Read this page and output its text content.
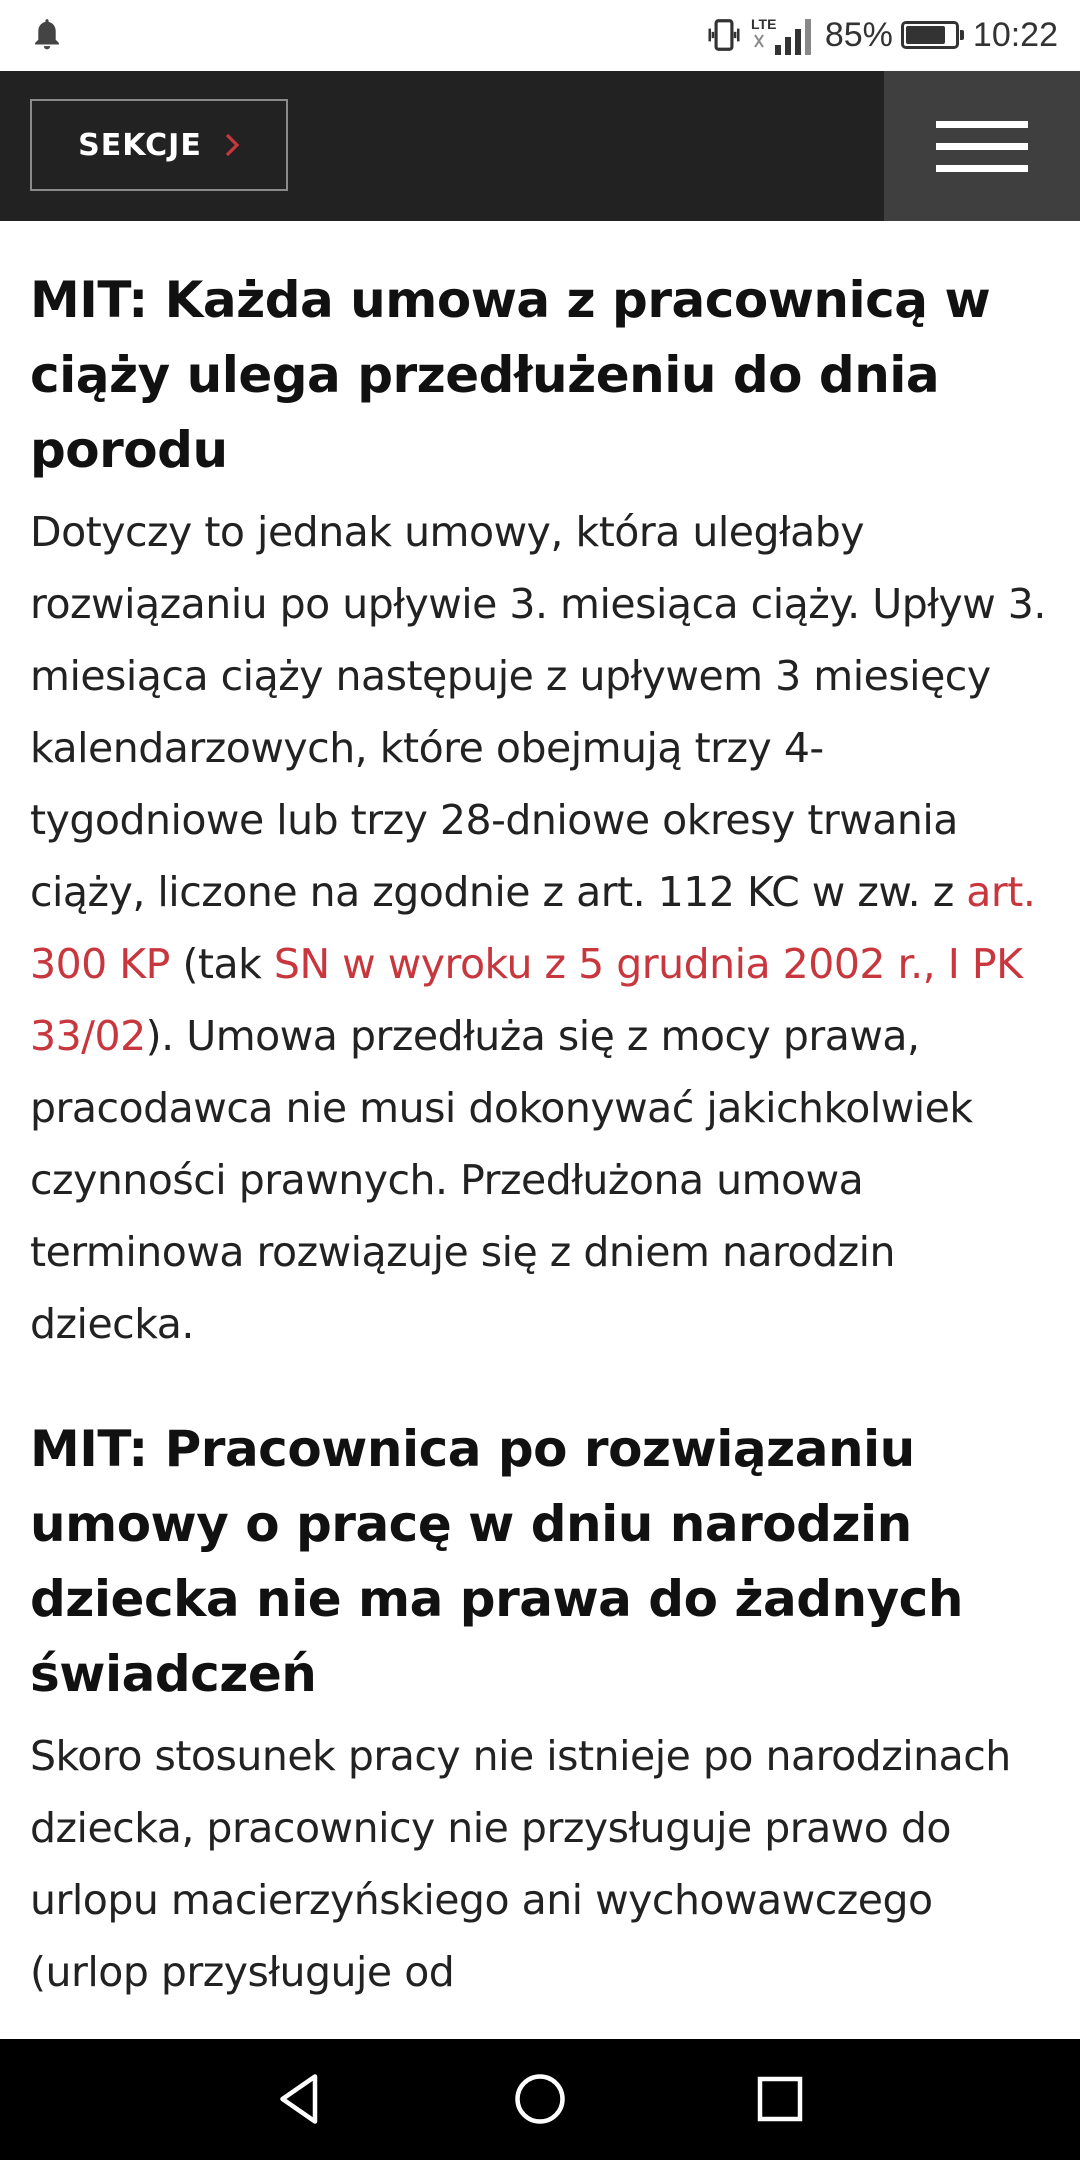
LTE 85% 10:22
SEKCJE
MIT: Każda umowa z pracownicą w ciąży ulega przedłużeniu do dnia porodu

Dotyczy to jednak umowy, która uległaby rozwiązaniu po upływie 3. miesiąca ciąży. Upływ 3. miesiąca ciąży następuje z upływem 3 miesięcy kalendarzowych, które obejmują trzy 4-tygodniowe lub trzy 28-dniowe okresy trwania ciąży, liczone na zgodnie z art. 112 KC w zw. z art. 300 KP (tak SN w wyroku z 5 grudnia 2002 r., I PK 33/02). Umowa przedłuża się z mocy prawa, pracodawca nie musi dokonywać jakichkolwiek czynności prawnych. Przedłużona umowa terminowa rozwiązuje się z dniem narodzin dziecka.

MIT: Pracownica po rozwiązaniu umowy o pracę w dniu narodzin dziecka nie ma prawa do żadnych świadczeń

Skoro stosunek pracy nie istnieje po narodzinach dziecka, pracownicy nie przysługuje prawo do urlopu macierzyńskiego ani wychowawczego (urlop przysługuje od
